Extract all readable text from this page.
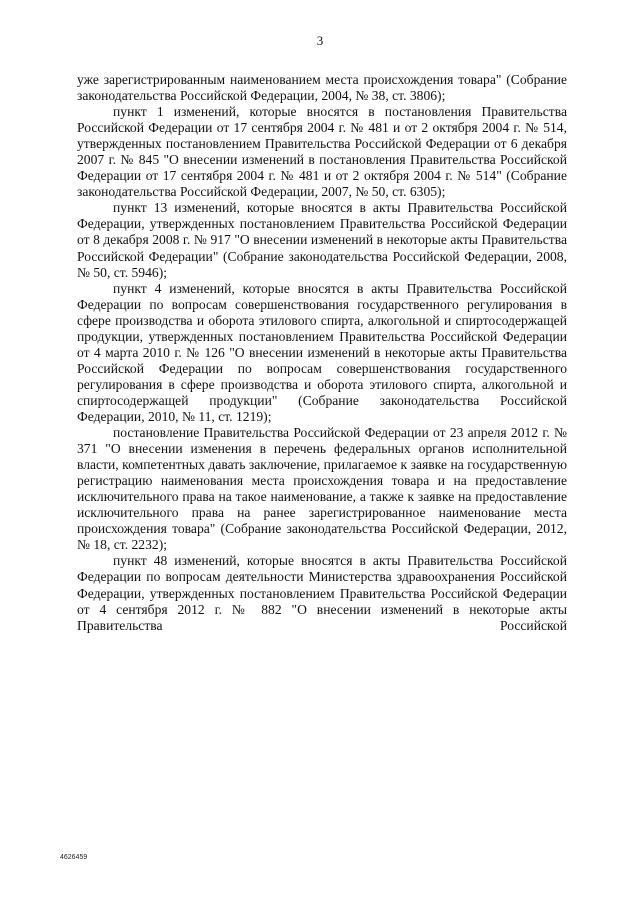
3

уже зарегистрированным наименованием места происхождения товара" (Собрание законодательства Российской Федерации, 2004, № 38, ст. 3806);

пункт 1 изменений, которые вносятся в постановления Правительства Российской Федерации от 17 сентября 2004 г. № 481 и от 2 октября 2004 г. № 514, утвержденных постановлением Правительства Российской Федерации от 6 декабря 2007 г. № 845 "О внесении изменений в постановления Правительства Российской Федерации от 17 сентября 2004 г. № 481 и от 2 октября 2004 г. № 514" (Собрание законодательства Российской Федерации, 2007, № 50, ст. 6305);

пункт 13 изменений, которые вносятся в акты Правительства Российской Федерации, утвержденных постановлением Правительства Российской Федерации от 8 декабря 2008 г. № 917 "О внесении изменений в некоторые акты Правительства Российской Федерации" (Собрание законодательства Российской Федерации, 2008, № 50, ст. 5946);

пункт 4 изменений, которые вносятся в акты Правительства Российской Федерации по вопросам совершенствования государственного регулирования в сфере производства и оборота этилового спирта, алкогольной и спиртосодержащей продукции, утвержденных постановлением Правительства Российской Федерации от 4 марта 2010 г. № 126 "О внесении изменений в некоторые акты Правительства Российской Федерации по вопросам совершенствования государственного регулирования в сфере производства и оборота этилового спирта, алкогольной и спиртосодержащей продукции" (Собрание законодательства Российской Федерации, 2010, № 11, ст. 1219);

постановление Правительства Российской Федерации от 23 апреля 2012 г. № 371 "О внесении изменения в перечень федеральных органов исполнительной власти, компетентных давать заключение, прилагаемое к заявке на государственную регистрацию наименования места происхождения товара и на предоставление исключительного права на такое наименование, а также к заявке на предоставление исключительного права на ранее зарегистрированное наименование места происхождения товара" (Собрание законодательства Российской Федерации, 2012, № 18, ст. 2232);

пункт 48 изменений, которые вносятся в акты Правительства Российской Федерации по вопросам деятельности Министерства здравоохранения Российской Федерации, утвержденных постановлением Правительства Российской Федерации от 4 сентября 2012 г. № 882 "О внесении изменений в некоторые акты Правительства Российской

4626459
